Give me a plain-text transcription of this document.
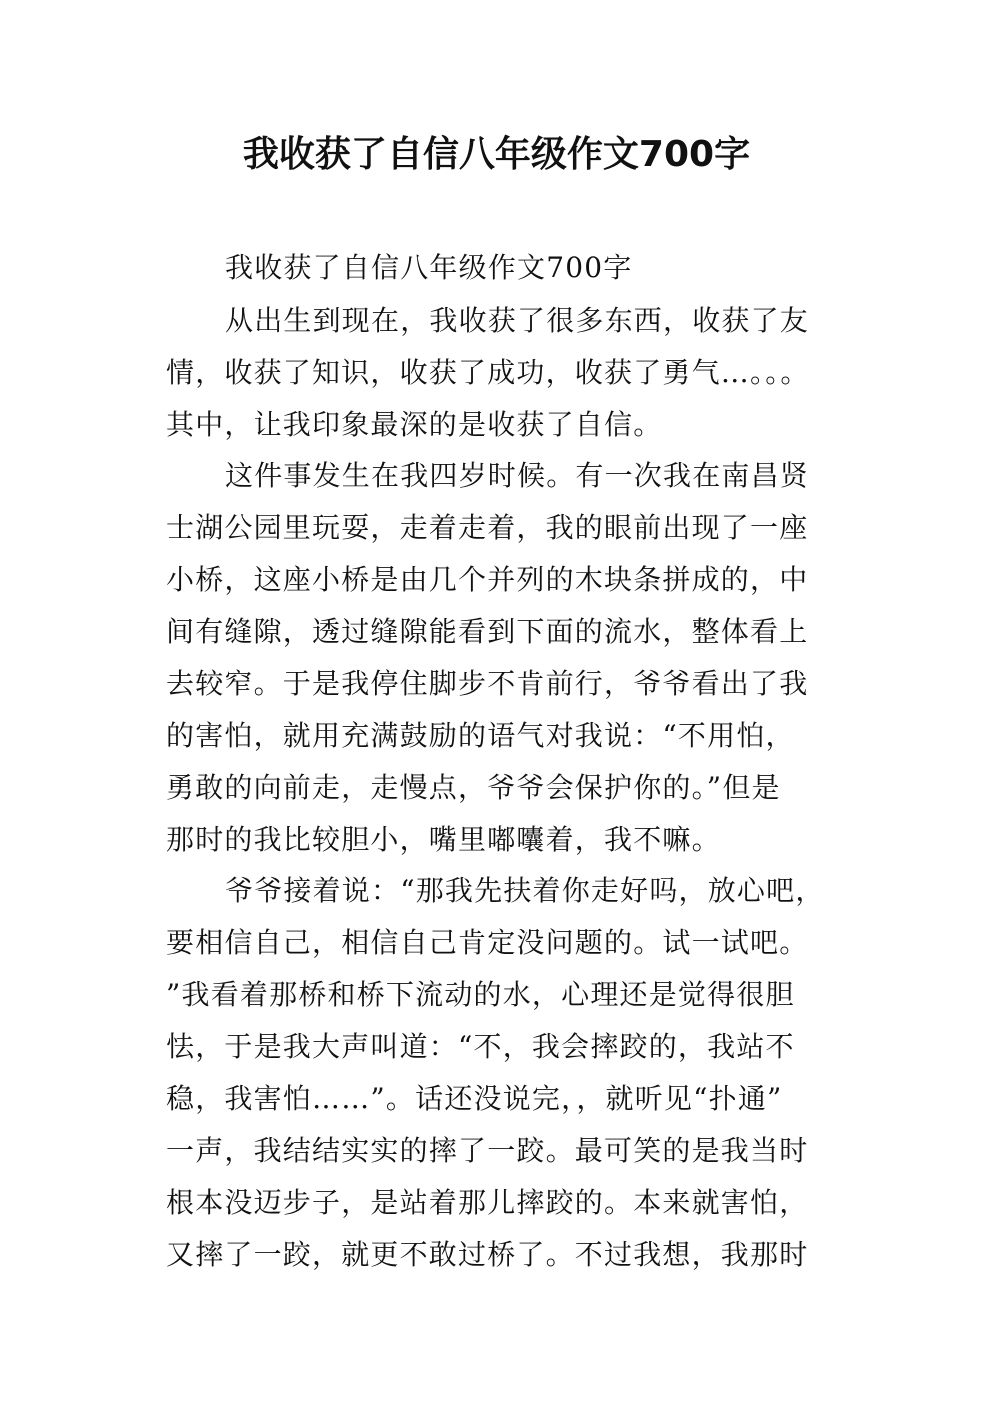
我收获了自信八年级作文700字
我收获了自信八年级作文700字
从出生到现在，我收获了很多东西，收获了友
情，收获了知识，收获了成功，收获了勇气…。。。
其中，让我印象最深的是收获了自信。
这件事发生在我四岁时候。有一次我在南昌贤
士湖公园里玩耍，走着走着，我的眼前出现了一座
小桥，这座小桥是由几个并列的木块条拼成的，中
间有缝隙，透过缝隙能看到下面的流水，整体看上
去较窄。于是我停住脚步不肯前行，爷爷看出了我
的害怕，就用充满鼓励的语气对我说：“不用怕，
勇敢的向前走，走慢点，爷爷会保护你的。”但是
那时的我比较胆小，嘴里嘟囔着，我不嘛。
爷爷接着说：“那我先扶着你走好吗，放心吧，
要相信自己，相信自己肯定没问题的。试一试吧。
”我看着那桥和桥下流动的水，心理还是觉得很胆
怯，于是我大声叫道：“不，我会摔跤的，我站不
稳，我害怕……”。话还没说完，，就听见“扑通”
一声，我结结实实的摔了一跤。最可笑的是我当时
根本没迈步子，是站着那儿摔跤的。本来就害怕，
又摔了一跤，就更不敢过桥了。不过我想，我那时
